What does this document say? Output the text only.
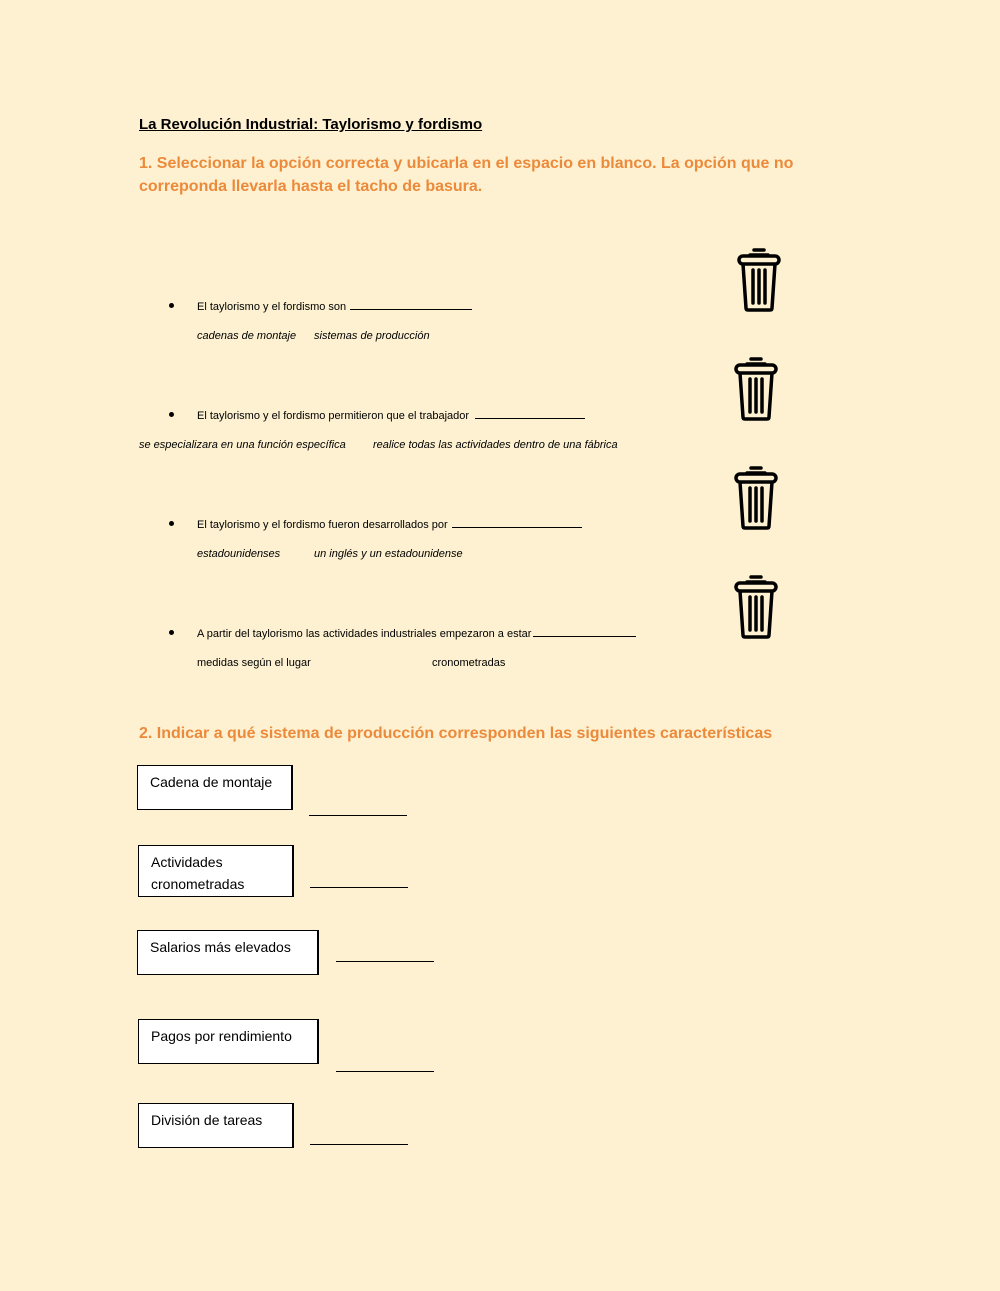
La Revolución Industrial: Taylorismo y fordismo
1. Seleccionar la opción correcta y ubicarla en el espacio en blanco. La opción que no correponda llevarla hasta el tacho de basura.
El taylorismo y el fordismo son
cadenas de montaje sistemas de producción
El taylorismo y el fordismo permitieron que el trabajador
se especializara en una función específica realice todas las actividades dentro de una fábrica
El taylorismo y el fordismo fueron desarrollados por
estadounidenses	un inglés y un estadounidense
A partir del taylorismo las actividades industriales empezaron a estar
medidas según el lugar	cronometradas
2. Indicar a qué sistema de producción corresponden las siguientes características
Cadena de montaje
Actividades cronometradas
Salarios más elevados
Pagos por rendimiento
División de tareas
